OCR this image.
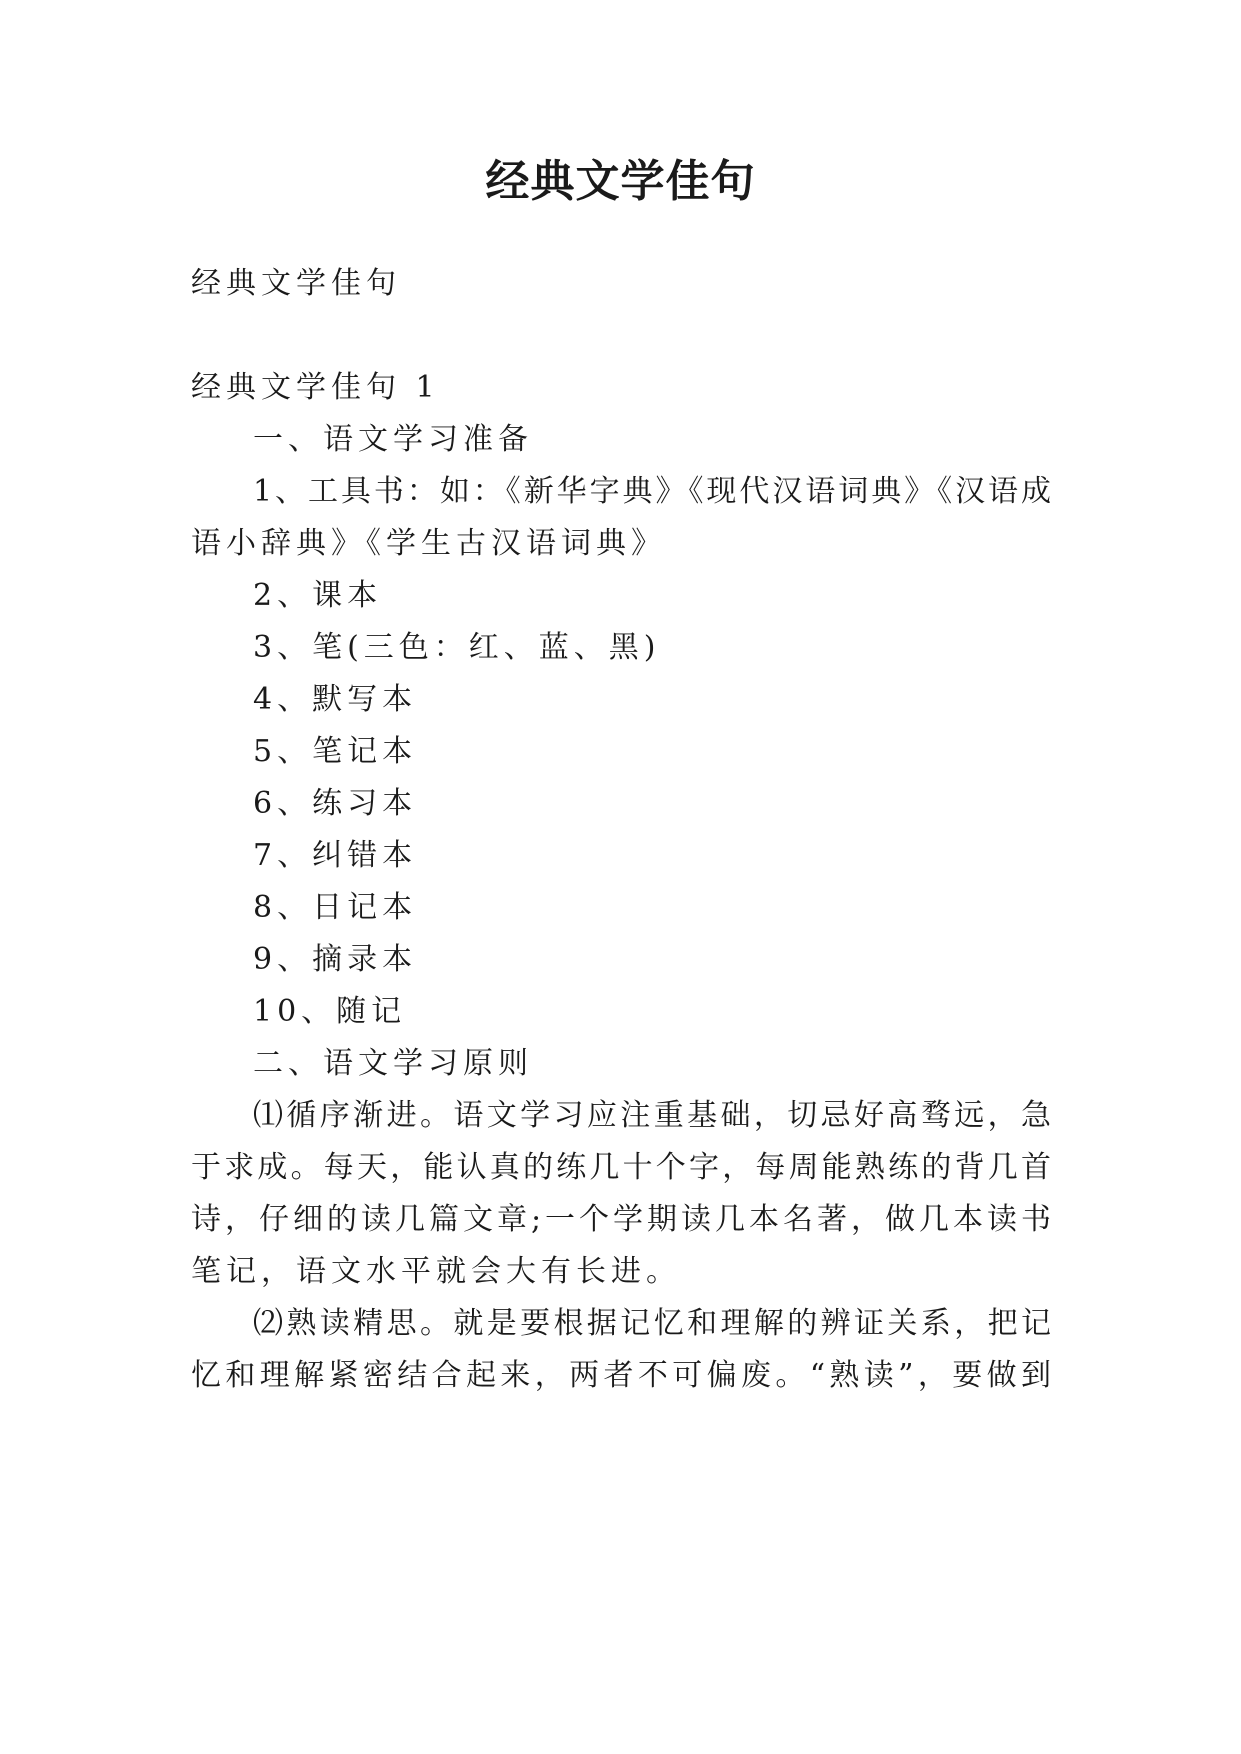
经典文学佳句
经典文学佳句
经典文学佳句 1
一、语文学习准备
1、工具书：如：《新华字典》《现代汉语词典》《汉语成
语小辞典》《学生古汉语词典》
2、课本
3、笔(三色：红、蓝、黑)
4、默写本
5、笔记本
6、练习本
7、纠错本
8、日记本
9、摘录本
10、随记
二、语文学习原则
⑴循序渐进。语文学习应注重基础，切忌好高骛远，急
于求成。每天，能认真的练几十个字，每周能熟练的背几首
诗，仔细的读几篇文章;一个学期读几本名著，做几本读书
笔记，语文水平就会大有长进。
⑵熟读精思。就是要根据记忆和理解的辨证关系，把记
忆和理解紧密结合起来，两者不可偏废。“熟读”，要做到
